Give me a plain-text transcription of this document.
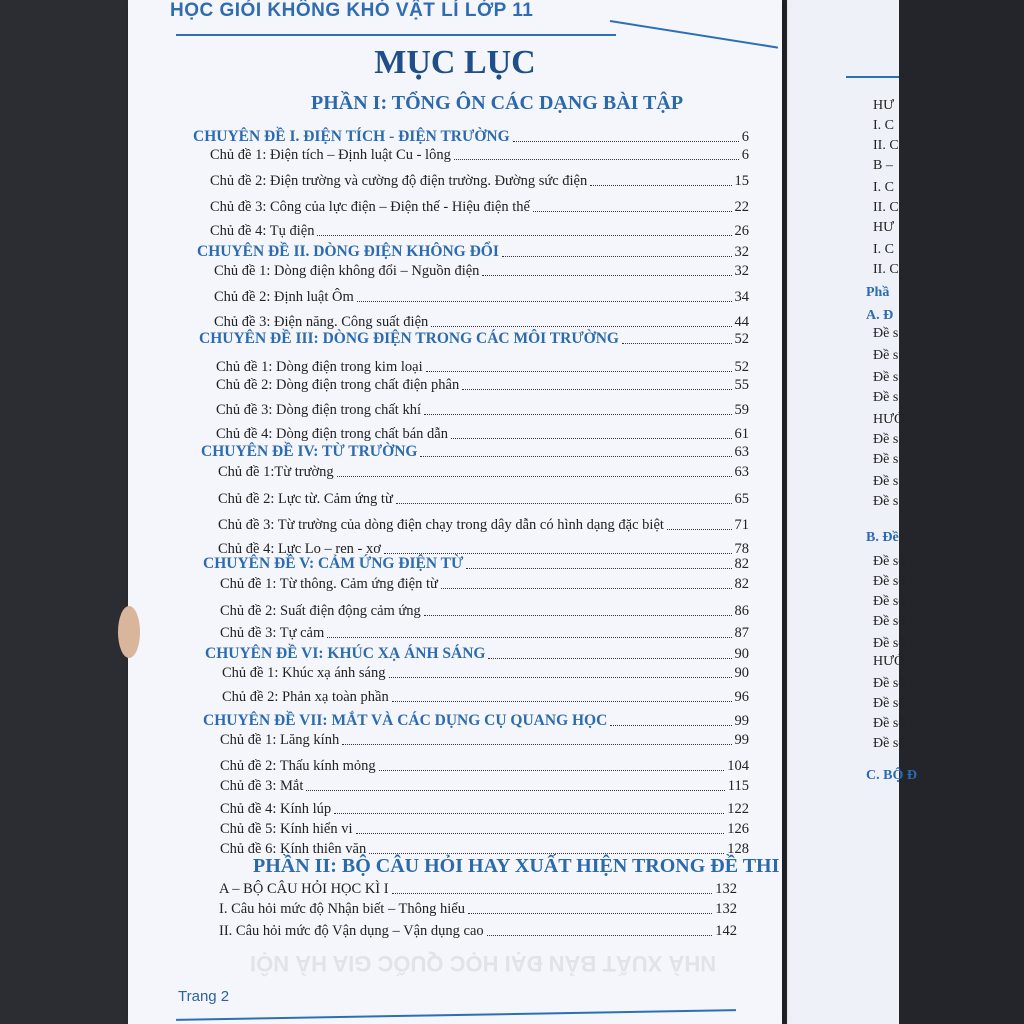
MỤC LỤC
HỌC GIỎI KHÔNG KHÓ VẬT LÍ LỚP 11
PHẦN I: TỔNG ÔN CÁC DẠNG BÀI TẬP
PHẦN II: BỘ CÂU HỎI HAY XUẤT HIỆN TRONG ĐỀ THI
CHUYÊN ĐỀ I. ĐIỆN TÍCH - ĐIỆN TRƯỜNG	6
Chủ đề 1: Điện tích – Định luật Cu - lông	6
Chủ đề 2: Điện trường và cường độ điện trường. Đường sức điện	15
Chủ đề 3: Công của lực điện – Điện thế - Hiệu điện thế	22
Chủ đề 4: Tụ điện	26
CHUYÊN ĐỀ II. DÒNG ĐIỆN KHÔNG ĐỔI	32
Chủ đề 1: Dòng điện không đổi – Nguồn điện	32
Chủ đề 2: Định luật Ôm	34
Chủ đề 3: Điện năng. Công suất điện	44
CHUYÊN ĐỀ III: DÒNG ĐIỆN TRONG CÁC MÔI TRƯỜNG	52
Chủ đề 1: Dòng điện trong kim loại	52
Chủ đề 2: Dòng điện trong chất điện phân	55
Chủ đề 3: Dòng điện trong chất khí	59
Chủ đề 4: Dòng điện trong chất bán dẫn	61
CHUYÊN ĐỀ IV: TỪ TRƯỜNG	63
Chủ đề 1:Từ trường	63
Chủ đề 2: Lực từ. Cảm ứng từ	65
Chủ đề 3: Từ trường của dòng điện chạy trong dây dẫn có hình dạng đặc biệt	71
Chủ đề 4: Lực Lo – ren - xơ	78
CHUYÊN ĐỀ V: CẢM ỨNG ĐIỆN TỪ	82
Chủ đề 1: Từ thông. Cảm ứng điện từ	82
Chủ đề 2: Suất điện động cảm ứng	86
Chủ đề 3: Tự cảm	87
CHUYÊN ĐỀ VI: KHÚC XẠ ÁNH SÁNG	90
Chủ đề 1: Khúc xạ ánh sáng	90
Chủ đề 2: Phản xạ toàn phần	96
CHUYÊN ĐỀ VII: MẮT VÀ CÁC DỤNG CỤ QUANG HỌC	99
Chủ đề 1: Lăng kính	99
Chủ đề 2: Thấu kính mỏng	104
Chủ đề 3: Mắt	115
Chủ đề 4: Kính lúp	122
Chủ đề 5: Kính hiển vi	126
Chủ đề 6: Kính thiên văn	128
A – BỘ CÂU HỎI HỌC KÌ I	132
I. Câu hỏi mức độ Nhận biết – Thông hiểu	132
II. Câu hỏi mức độ Vận dụng – Vận dụng cao	142
HƯ
I. C
II. C
B –
I. C
II. C
HƯ
I. C
II. C
Phầ
A. Đ
Đề s
Đề s
Đề s
Đề s
HƯỚ
Đề s
Đề s
Đề s
Đề s
B. Đề
Đề số
Đề số
Đề số
Đề số
Đề số
HƯỚ
Đề số
Đề số
Đề số
Đề số
C. BỘ Đ
NHÀ XUẤT BẢN ĐẠI HỌC QUỐC GIA HÀ NỘI
Trang 2
